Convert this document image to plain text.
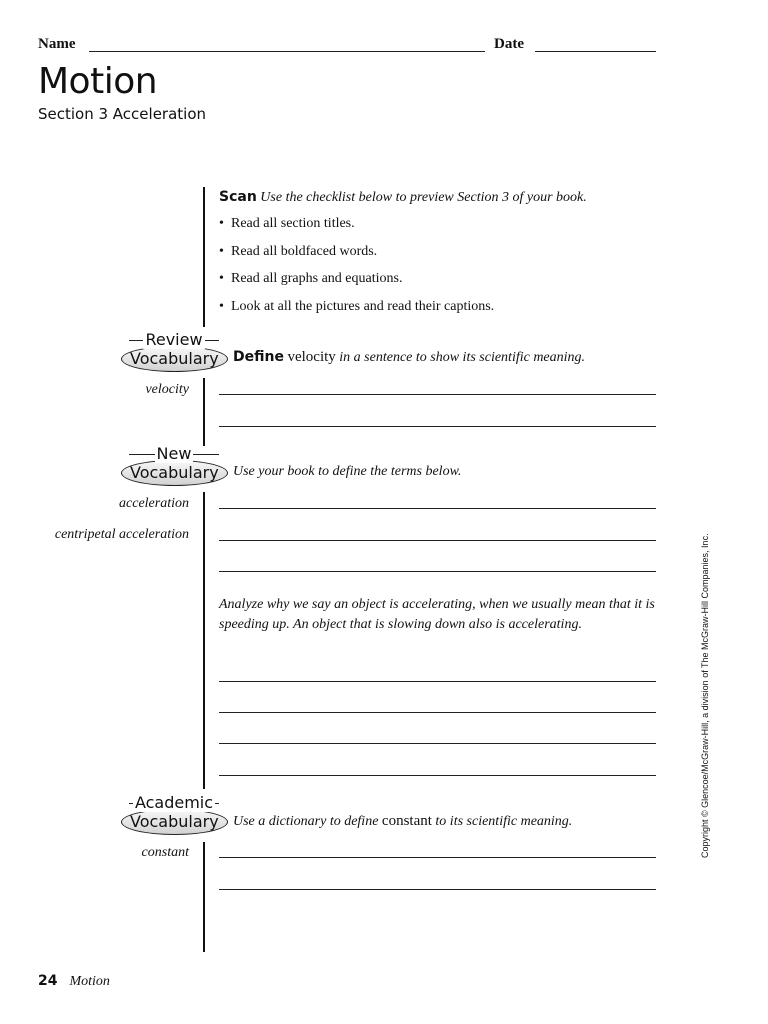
Name	Date
Motion
Section 3 Acceleration
Scan Use the checklist below to preview Section 3 of your book.
• Read all section titles.
• Read all boldfaced words.
• Read all graphs and equations.
• Look at all the pictures and read their captions.
Review
Vocabulary	Define velocity in a sentence to show its scientific meaning.
velocity
New
Vocabulary	Use your book to define the terms below.
acceleration
centripetal acceleration
Analyze why we say an object is accelerating, when we usually mean that it is speeding up. An object that is slowing down also is accelerating.
Academic
Vocabulary	Use a dictionary to define constant to its scientific meaning.
constant	Copyright © Glencoe/McGraw-Hill, a division of The McGraw-Hill Companies, Inc.
24 Motion
